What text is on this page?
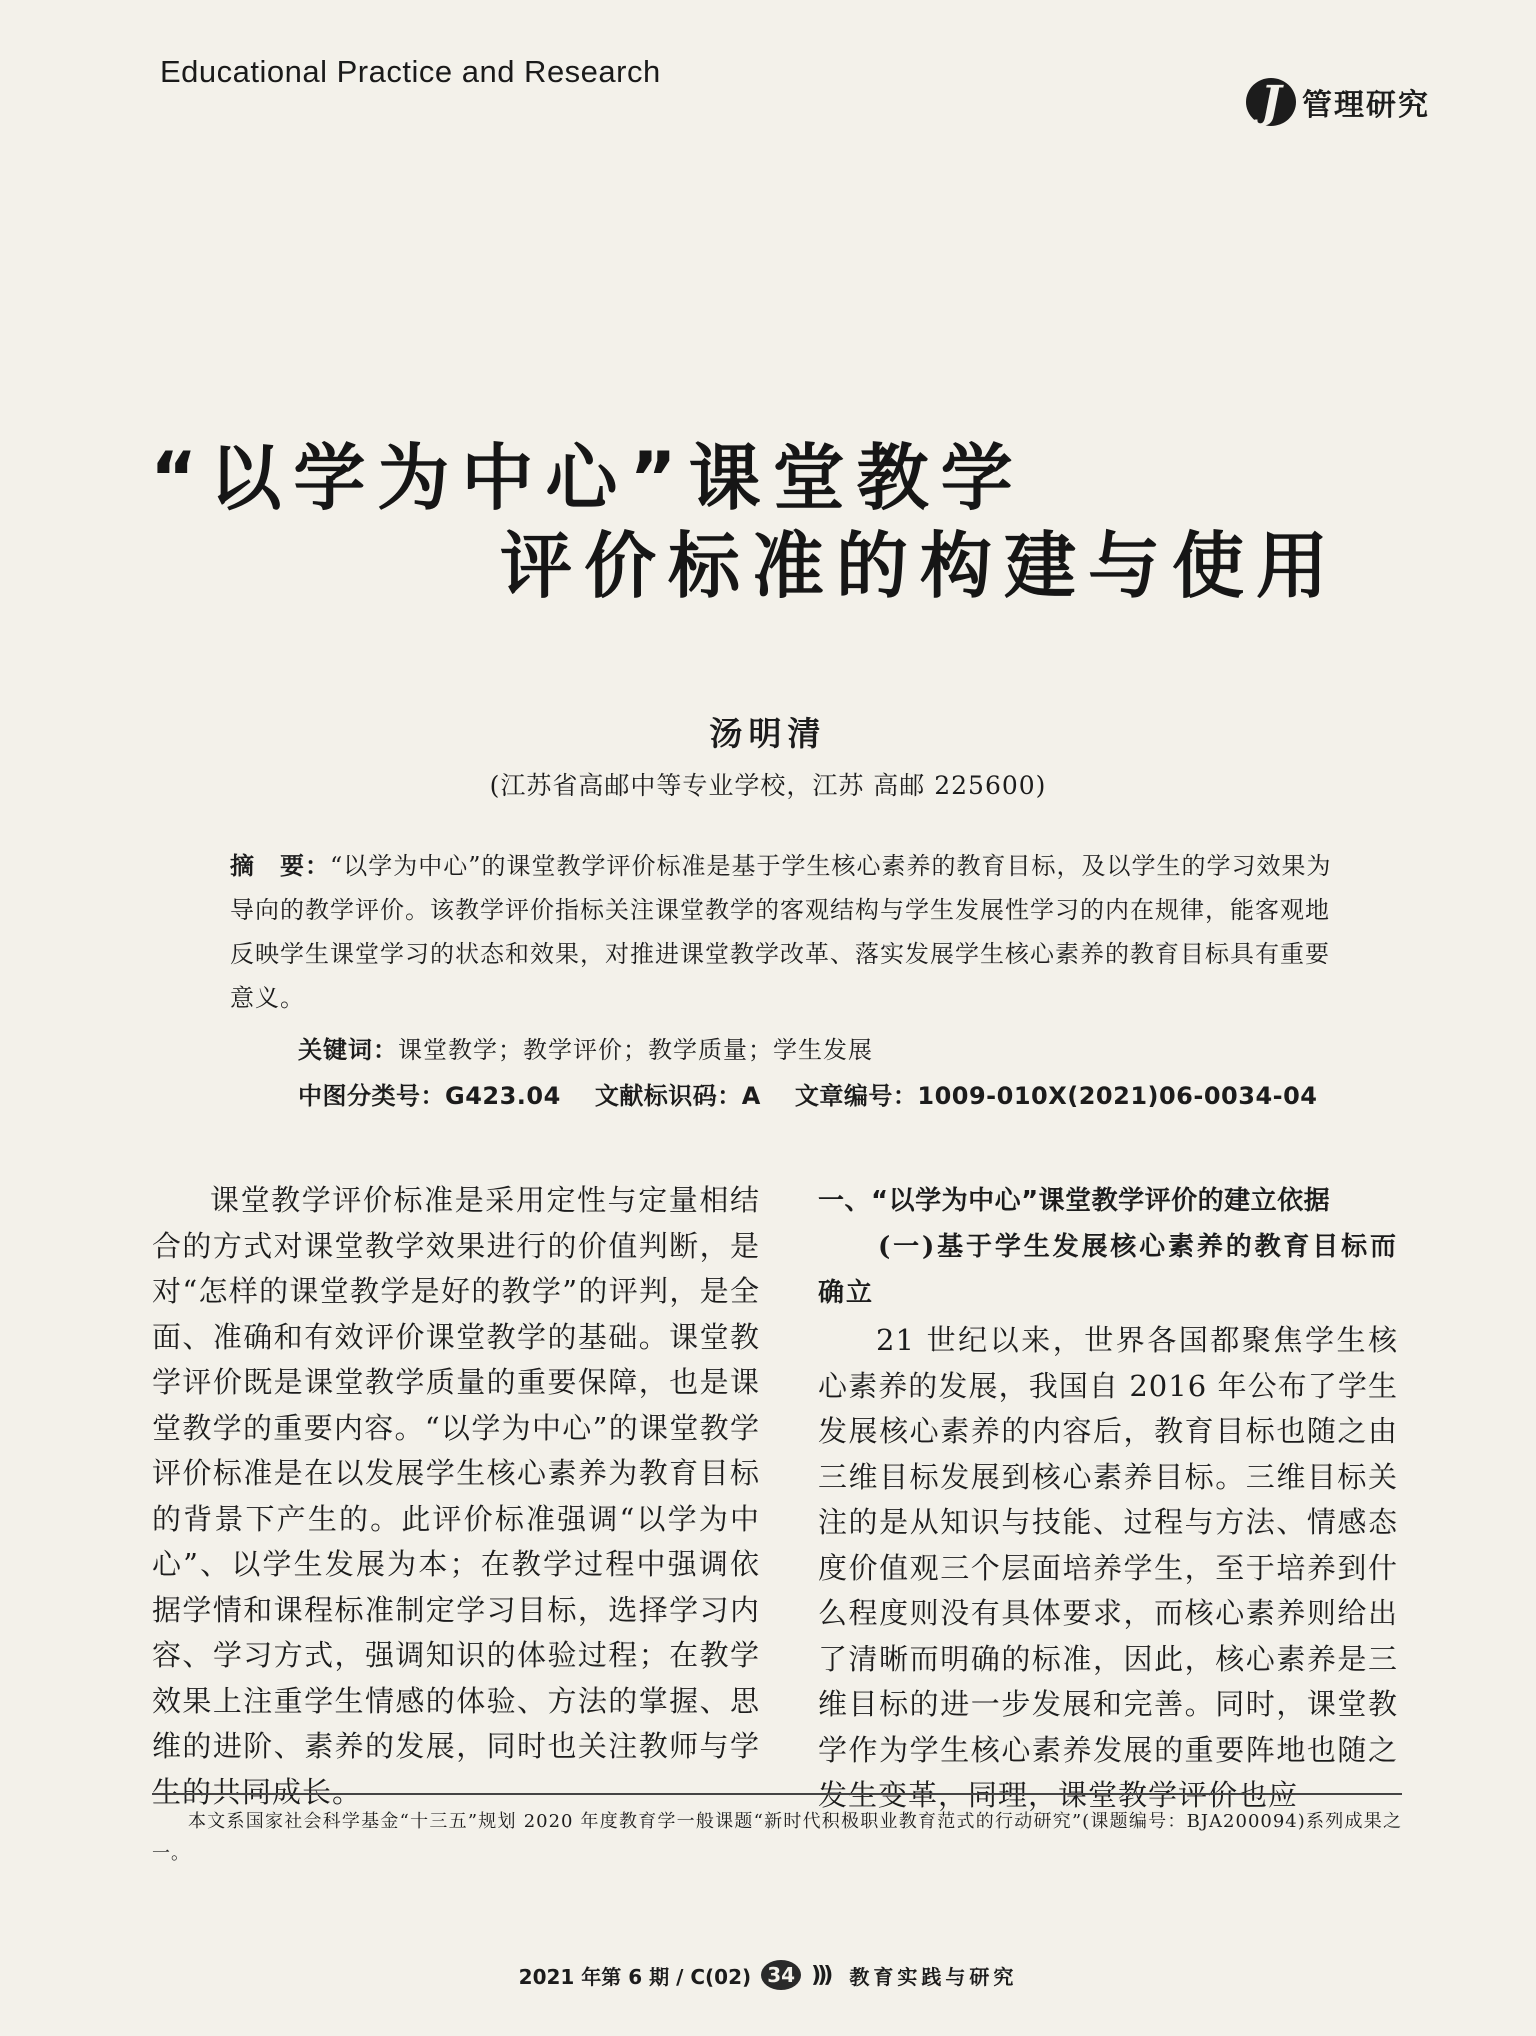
Educational Practice and Research
J 管理研究
“以学为中心”课堂教学
评价标准的构建与使用
汤明清
(江苏省高邮中等专业学校，江苏 高邮 225600)
摘　要：“以学为中心”的课堂教学评价标准是基于学生核心素养的教育目标，及以学生的学习效果为导向的教学评价。该教学评价指标关注课堂教学的客观结构与学生发展性学习的内在规律，能客观地反映学生课堂学习的状态和效果，对推进课堂教学改革、落实发展学生核心素养的教育目标具有重要意义。
关键词：课堂教学；教学评价；教学质量；学生发展
中图分类号：G423.04 文献标识码：A 文章编号：1009-010X(2021)06-0034-04

课堂教学评价标准是采用定性与定量相结合的方式对课堂教学效果进行的价值判断，是对“怎样的课堂教学是好的教学”的评判，是全面、准确和有效评价课堂教学的基础。课堂教学评价既是课堂教学质量的重要保障，也是课堂教学的重要内容。“以学为中心”的课堂教学评价标准是在以发展学生核心素养为教育目标的背景下产生的。此评价标准强调“以学为中心”、以学生发展为本；在教学过程中强调依据学情和课程标准制定学习目标，选择学习内容、学习方式，强调知识的体验过程；在教学效果上注重学生情感的体验、方法的掌握、思维的进阶、素养的发展，同时也关注教师与学生的共同成长。

一、“以学为中心”课堂教学评价的建立依据
(一)基于学生发展核心素养的教育目标而确立

21 世纪以来，世界各国都聚焦学生核心素养的发展，我国自 2016 年公布了学生发展核心素养的内容后，教育目标也随之由三维目标发展到核心素养目标。三维目标关注的是从知识与技能、过程与方法、情感态度价值观三个层面培养学生，至于培养到什么程度则没有具体要求，而核心素养则给出了清晰而明确的标准，因此，核心素养是三维目标的进一步发展和完善。同时，课堂教学作为学生核心素养发展的重要阵地也随之发生变革，同理，课堂教学评价也应

本文系国家社会科学基金“十三五”规划 2020 年度教育学一般课题“新时代积极职业教育范式的行动研究”(课题编号：BJA200094)系列成果之一。
2021 年第 6 期 / C(02) 34 ))) 教育实践与研究
